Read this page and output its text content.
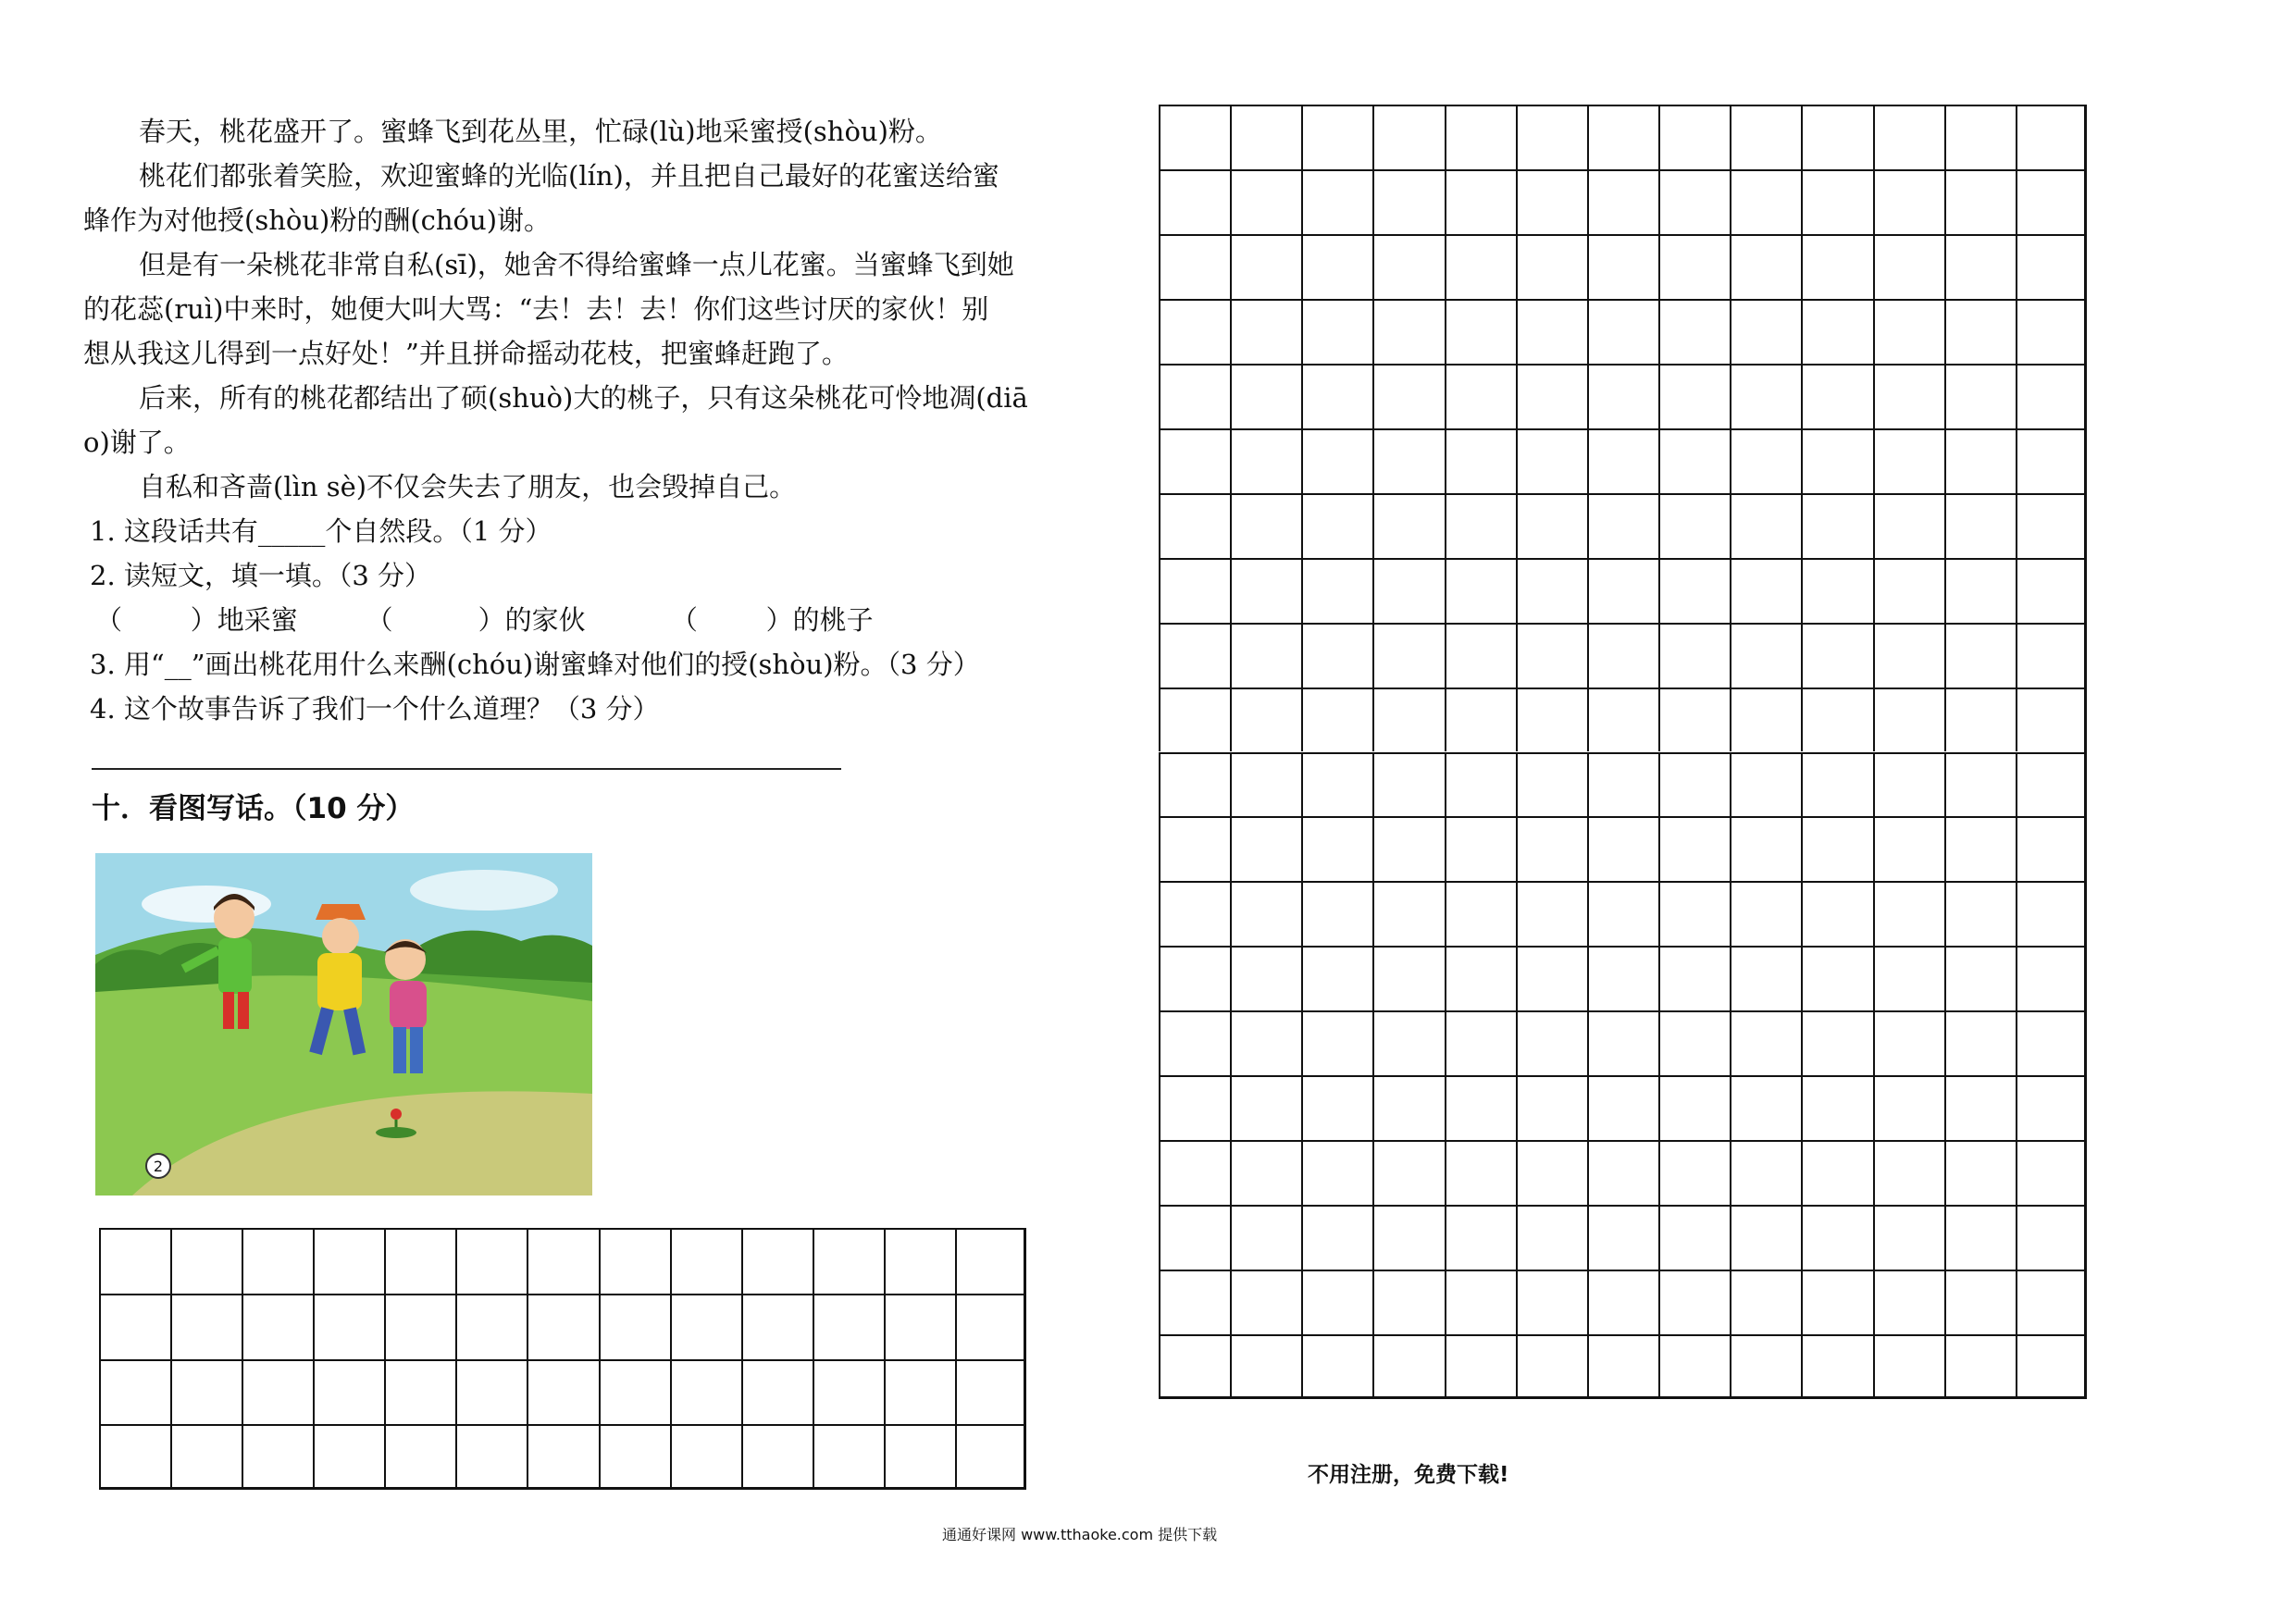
春天，桃花盛开了。蜜蜂飞到花丛里，忙碌(lù)地采蜜授(shòu)粉。
桃花们都张着笑脸，欢迎蜜蜂的光临(lín)，并且把自己最好的花蜜送给蜜
蜂作为对他授(shòu)粉的酬(chóu)谢。
但是有一朵桃花非常自私(sī)，她舍不得给蜜蜂一点儿花蜜。当蜜蜂飞到她
的花蕊(ruì)中来时，她便大叫大骂：“去！去！去！你们这些讨厌的家伙！别
想从我这儿得到一点好处！”并且拼命摇动花枝，把蜜蜂赶跑了。
后来，所有的桃花都结出了硕(shuò)大的桃子，只有这朵桃花可怜地凋(diā
o)谢了。
自私和吝啬(lìn sè)不仅会失去了朋友，也会毁掉自己。
1. 这段话共有_____个自然段。（1 分）
2. 读短文，填一填。（3 分）
（        ）地采蜜        （          ）的家伙          （        ）的桃子
3. 用“__”画出桃花用什么来酬(chóu)谢蜜蜂对他们的授(shòu)粉。（3 分）
4. 这个故事告诉了我们一个什么道理？（3 分）
十．看图写话。（10 分）
2
不用注册，免费下载!
通通好课网 www.tthaoke.com 提供下载
